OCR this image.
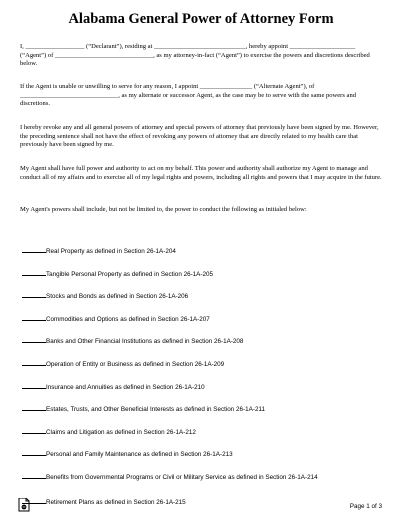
Alabama General Power of Attorney Form

I, __________________ (“Declarant”), residing at ____________________________, hereby appoint ____________________ (“Agent”) of ______________________________, as my attorney-in-fact (“Agent”) to exercise the powers and discretions described below.

If the Agent is unable or unwilling to serve for any reason, I appoint ________________ (“Alternate Agent”), of ______________________________, as my alternate or successor Agent, as the case may be to serve with the same powers and discretions.

I hereby revoke any and all general powers of attorney and special powers of attorney that previously have been signed by me. However, the preceding sentence shall not have the effect of revoking any powers of attorney that are directly related to my health care that previously have been signed by me.

My Agent shall have full power and authority to act on my behalf. This power and authority shall authorize my Agent to manage and conduct all of my affairs and to exercise all of my legal rights and powers, including all rights and powers that I may acquire in the future.

My Agent's powers shall include, but not be limited to, the power to conduct the following as initialed below:

Real Property as defined in Section 26-1A-204
Tangible Personal Property as defined in Section 26-1A-205
Stocks and Bonds as defined in Section 26-1A-206
Commodities and Options as defined in Section 26-1A-207
Banks and Other Financial Institutions as defined in Section 26-1A-208
Operation of Entity or Business as defined in Section 26-1A-209
Insurance and Annuities as defined in Section 26-1A-210
Estates, Trusts, and Other Beneficial Interests as defined in Section 26-1A-211
Claims and Litigation as defined in Section 26-1A-212
Personal and Family Maintenance as defined in Section 26-1A-213
Benefits from Governmental Programs or Civil or Military Service as defined in Section 26-1A-214
Retirement Plans as defined in Section 26-1A-215
Page 1 of 3
